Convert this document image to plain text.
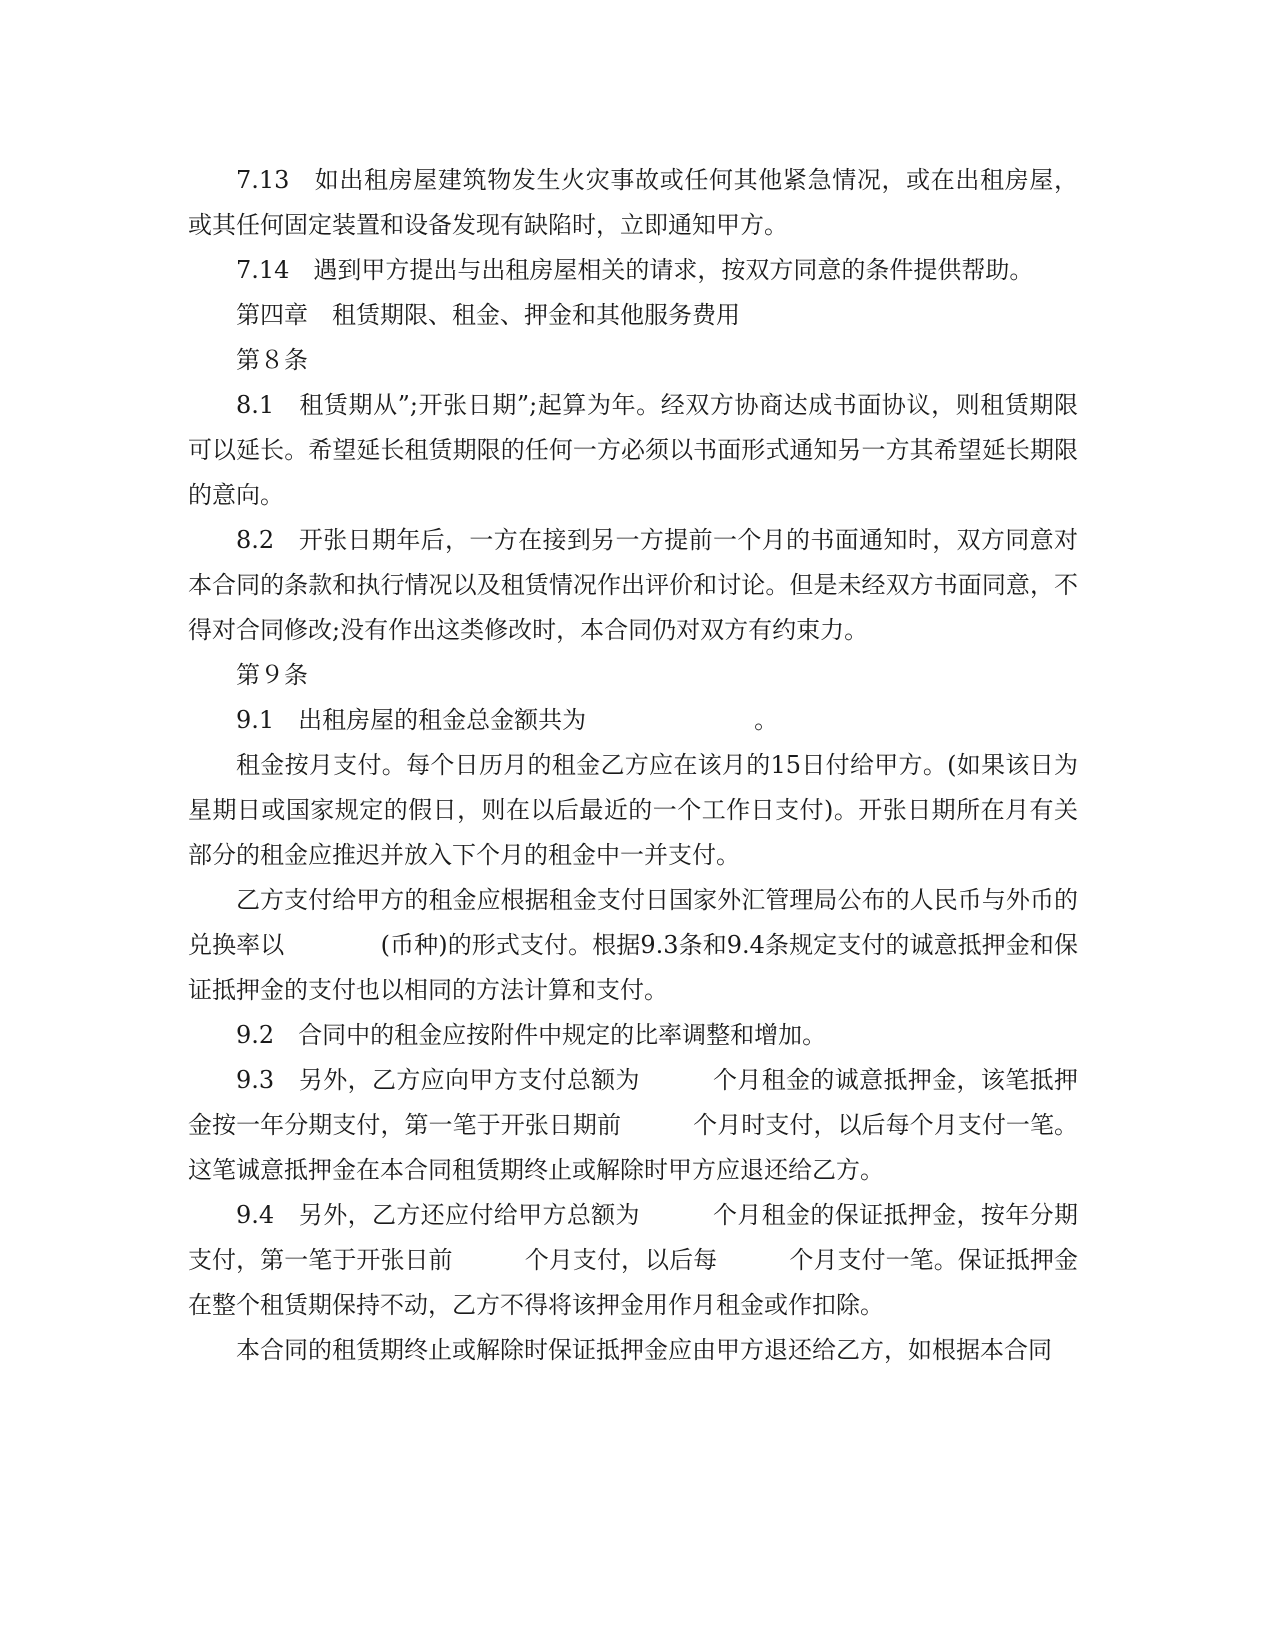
7.13　如出租房屋建筑物发生火灾事故或任何其他紧急情况，或在出租房屋，或其任何固定装置和设备发现有缺陷时，立即通知甲方。

7.14　遇到甲方提出与出租房屋相关的请求，按双方同意的条件提供帮助。

第四章　租赁期限、租金、押金和其他服务费用

第８条

8.1　租赁期从”;开张日期”;起算为年。经双方协商达成书面协议，则租赁期限可以延长。希望延长租赁期限的任何一方必须以书面形式通知另一方其希望延长期限的意向。

8.2　开张日期年后，一方在接到另一方提前一个月的书面通知时，双方同意对本合同的条款和执行情况以及租赁情况作出评价和讨论。但是未经双方书面同意，不得对合同修改;没有作出这类修改时，本合同仍对双方有约束力。

第９条

9.1　出租房屋的租金总金额共为　　　　　　　。

租金按月支付。每个日历月的租金乙方应在该月的15日付给甲方。(如果该日为星期日或国家规定的假日，则在以后最近的一个工作日支付)。开张日期所在月有关部分的租金应推迟并放入下个月的租金中一并支付。

乙方支付给甲方的租金应根据租金支付日国家外汇管理局公布的人民币与外币的兑换率以　　　　(币种)的形式支付。根据9.3条和9.4条规定支付的诚意抵押金和保证抵押金的支付也以相同的方法计算和支付。

9.2　合同中的租金应按附件中规定的比率调整和增加。

9.3　另外，乙方应向甲方支付总额为　　　个月租金的诚意抵押金，该笔抵押金按一年分期支付，第一笔于开张日期前　　　个月时支付，以后每个月支付一笔。这笔诚意抵押金在本合同租赁期终止或解除时甲方应退还给乙方。

9.4　另外，乙方还应付给甲方总额为　　　个月租金的保证抵押金，按年分期支付，第一笔于开张日前　　　个月支付，以后每　　　个月支付一笔。保证抵押金在整个租赁期保持不动，乙方不得将该押金用作月租金或作扣除。

本合同的租赁期终止或解除时保证抵押金应由甲方退还给乙方，如根据本合同
